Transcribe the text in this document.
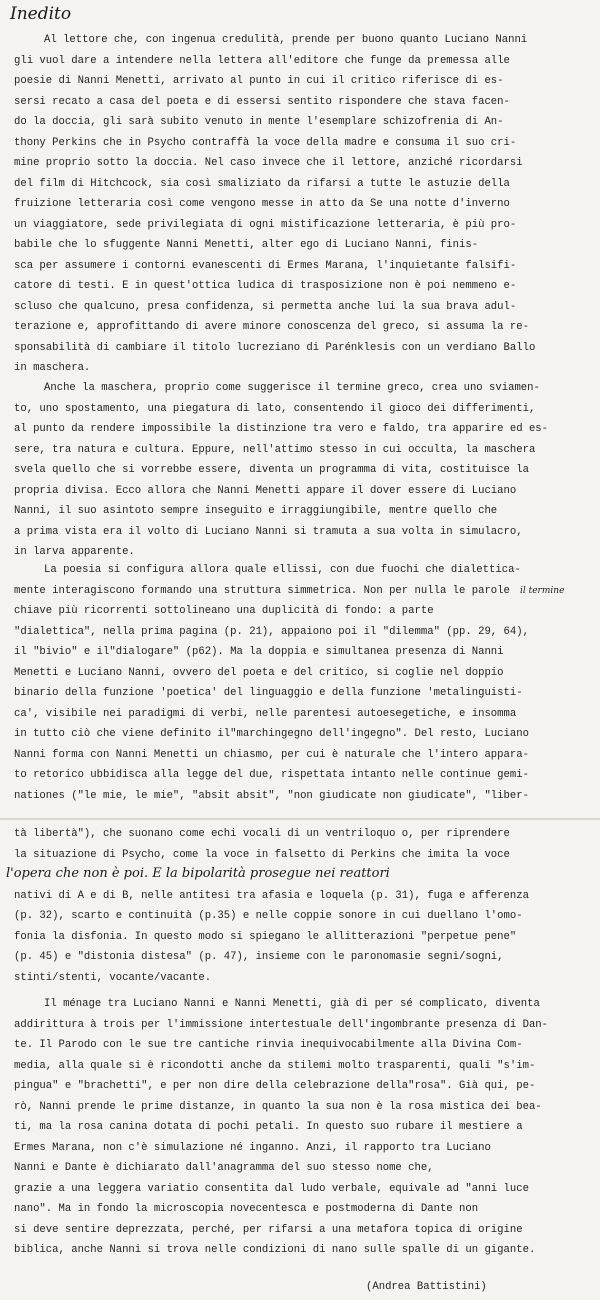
Inedito
Al lettore che, con ingenua credulità, prende per buono quanto Luciano Nanni
gli vuol dare a intendere nella lettera all'editore che funge da premessa alle
poesie di Nanni Menetti, arrivato al punto in cui il critico riferisce di es-
sersi recato a casa del poeta e di essersi sentito rispondere che stava facen-
do la doccia, gli sarà subito venuto in mente l'esemplare schizofrenia di An-
thony Perkins che in Psycho contraffà la voce della madre e consuma il suo cri-
mine proprio sotto la doccia. Nel caso invece che il lettore, anziché ricordarsi
del film di Hitchcock, sia così smaliziato da rifarsi a tutte le astuzie della
fruizione letteraria così come vengono messe in atto da Se una notte d'inverno
un viaggiatore, sede privilegiata di ogni mistificazione letteraria, è più pro-
babile che lo sfuggente Nanni Menetti, alter ego di Luciano Nanni, finis-
sca per assumere i contorni evanescenti di Ermes Marana, l'inquietante falsifi-
catore di testi. E in quest'ottica ludica di trasposizione non è poi nemmeno e-
scluso che qualcuno, presa confidenza, si permetta anche lui la sua brava adul-
terazione e, approfittando di avere minore conoscenza del greco, si assuma la re-
sponsabilità di cambiare il titolo lucreziano di Parénklesis con un verdiano Ballo
in maschera.
Anche la maschera, proprio come suggerisce il termine greco, crea uno sviamen-
to, uno spostamento, una piegatura di lato, consentendo il gioco dei differimenti,
al punto da rendere impossibile la distinzione tra vero e faldo, tra apparire ed es-
sere, tra natura e cultura. Eppure, nell'attimo stesso in cui occulta, la maschera
svela quello che si vorrebbe essere, diventa un programma di vita, costituisce la
propria divisa. Ecco allora che Nanni Menetti appare il dover essere di Luciano
Nanni, il suo asintoto sempre inseguito e irraggiungibile, mentre quello che
a prima vista era il volto di Luciano Nanni si tramuta a sua volta in simulacro,
in larva apparente.
La poesia si configura allora quale ellissi, con due fuochi che dialettica-
mente interagiscono formando una struttura simmetrica. Non per nulla le parole
chiave più ricorrenti sottolineano una duplicità di fondo: a parte
"dialettica", nella prima pagina (p. 21), appaiono poi il "dilemma" (pp. 29, 64),
il "bivio" e il"dialogare" (p62). Ma la doppia e simultanea presenza di Nanni
Menetti e Luciano Nanni, ovvero del poeta e del critico, si coglie nel doppio
binario della funzione 'poetica' del linguaggio e della funzione 'metalinguisti-
ca', visibile nei paradigmi di verbi, nelle parentesi autoesegetiche, e insomma
in tutto ciò che viene definito il"marchingegno dell'ingegno". Del resto, Luciano
Nanni forma con Nanni Menetti un chiasmo, per cui è naturale che l'intero appara-
to retorico ubbidisca alla legge del due, rispettata intanto nelle continue gemi-
nationes ("le mie, le mie", "absit absit", "non giudicate non giudicate", "liber-
il termine
tà libertà"), che suonano come echi vocali di un ventriloquo o, per riprendere
la situazione di Psycho, come la voce in falsetto di Perkins che imita la voce
nativi di A e di B, nelle antitesi tra afasia e loquela (p. 31), fuga e afferenza
(p. 32), scarto e continuità (p.35) e nelle coppie sonore in cui duellano l'omo-
fonia la disfonia. In questo modo si spiegano le allitterazioni "perpetue pene"
(p. 45) e "distonia distesa" (p. 47), insieme con le paronomasie segni/sogni,
stinti/stenti, vocante/vacante.
l'opera che non è poi. E la bipolarità prosegue nei reattori
Il ménage tra Luciano Nanni e Nanni Menetti, già di per sé complicato, diventa
addirittura à trois per l'immissione intertestuale dell'ingombrante presenza di Dan-
te. Il Parodo con le sue tre cantiche rinvia inequivocabilmente alla Divina Com-
media, alla quale si è ricondotti anche da stilemi molto trasparenti, quali "s'im-
pingua" e "brachetti", e per non dire della celebrazione della"rosa". Già qui, pe-
rò, Nanni prende le prime distanze, in quanto la sua non è la rosa mistica dei bea-
ti, ma la rosa canina dotata di pochi petali. In questo suo rubare il mestiere a
Ermes Marana, non c'è simulazione né inganno. Anzi, il rapporto tra Luciano
Nanni e Dante è dichiarato dall'anagramma del suo stesso nome che,
grazie a una leggera variatio consentita dal ludo verbale, equivale ad "anni luce
nano". Ma in fondo la microscopia novecentesca e postmoderna di Dante non
si deve sentire deprezzata, perché, per rifarsi a una metafora topica di origine
biblica, anche Nanni si trova nelle condizioni di nano sulle spalle di un gigante.
(Andrea Battistini)
